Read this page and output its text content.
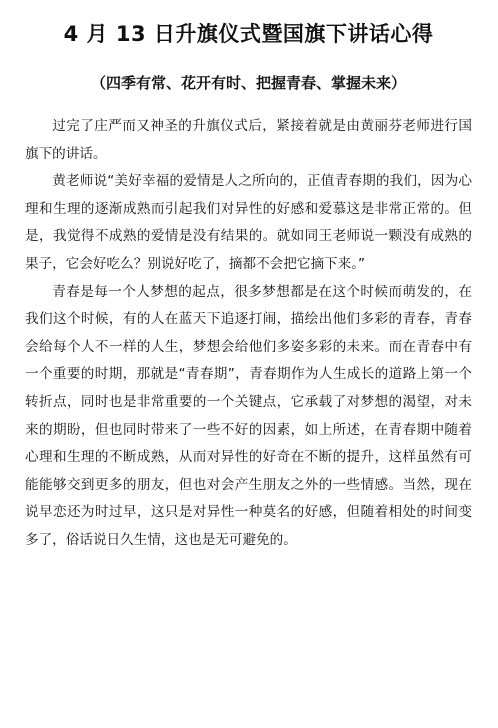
4 月 13 日升旗仪式暨国旗下讲话心得
（四季有常、花开有时、把握青春、掌握未来）

过完了庄严而又神圣的升旗仪式后，紧接着就是由黄丽芬老师进行国旗下的讲话。

黄老师说“美好幸福的爱情是人之所向的，正值青春期的我们，因为心理和生理的逐渐成熟而引起我们对异性的好感和爱慕这是非常正常的。但是，我觉得不成熟的爱情是没有结果的。就如同王老师说一颗没有成熟的果子，它会好吃么？别说好吃了，摘都不会把它摘下来。”

青春是每一个人梦想的起点，很多梦想都是在这个时候而萌发的，在我们这个时候，有的人在蓝天下追逐打闹，描绘出他们多彩的青春，青春会给每个人不一样的人生，梦想会给他们多姿多彩的未来。而在青春中有一个重要的时期，那就是“青春期”，青春期作为人生成长的道路上第一个转折点，同时也是非常重要的一个关键点，它承载了对梦想的渴望，对未来的期盼，但也同时带来了一些不好的因素，如上所述，在青春期中随着心理和生理的不断成熟，从而对异性的好奇在不断的提升，这样虽然有可能能够交到更多的朋友，但也对会产生朋友之外的一些情感。当然，现在说早恋还为时过早，这只是对异性一种莫名的好感，但随着相处的时间变多了，俗话说日久生情，这也是无可避免的。
